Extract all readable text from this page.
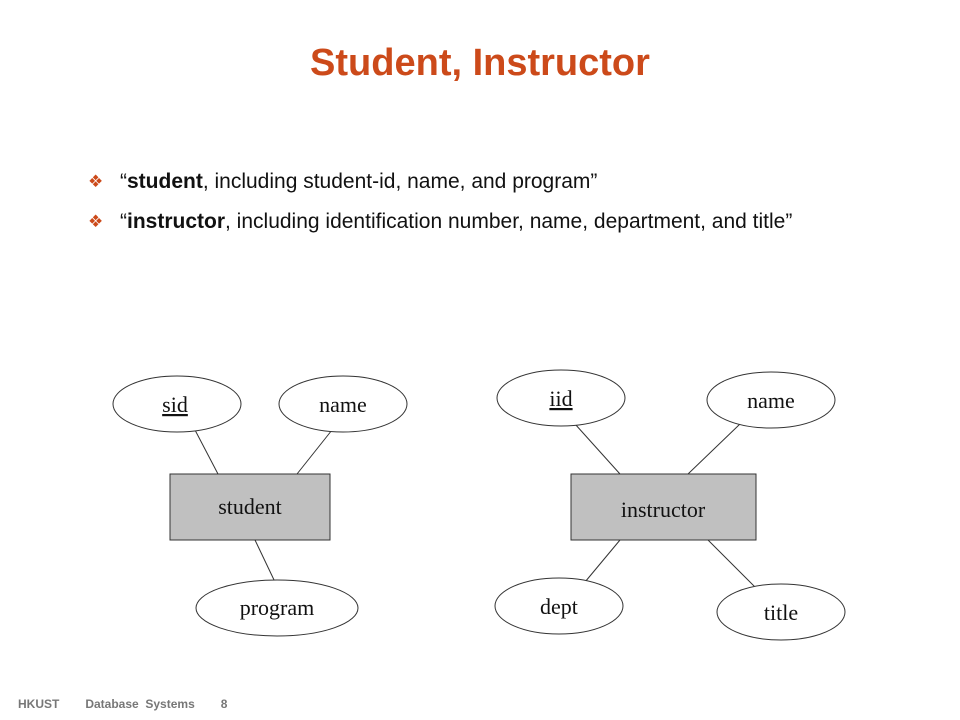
Student, Instructor
❖ “student, including student-id, name, and program”
❖ “instructor, including identification number, name, department, and title”
sid	name
program
student
iid	name
dept	title
instructor
HKUST Database  Systems 8
